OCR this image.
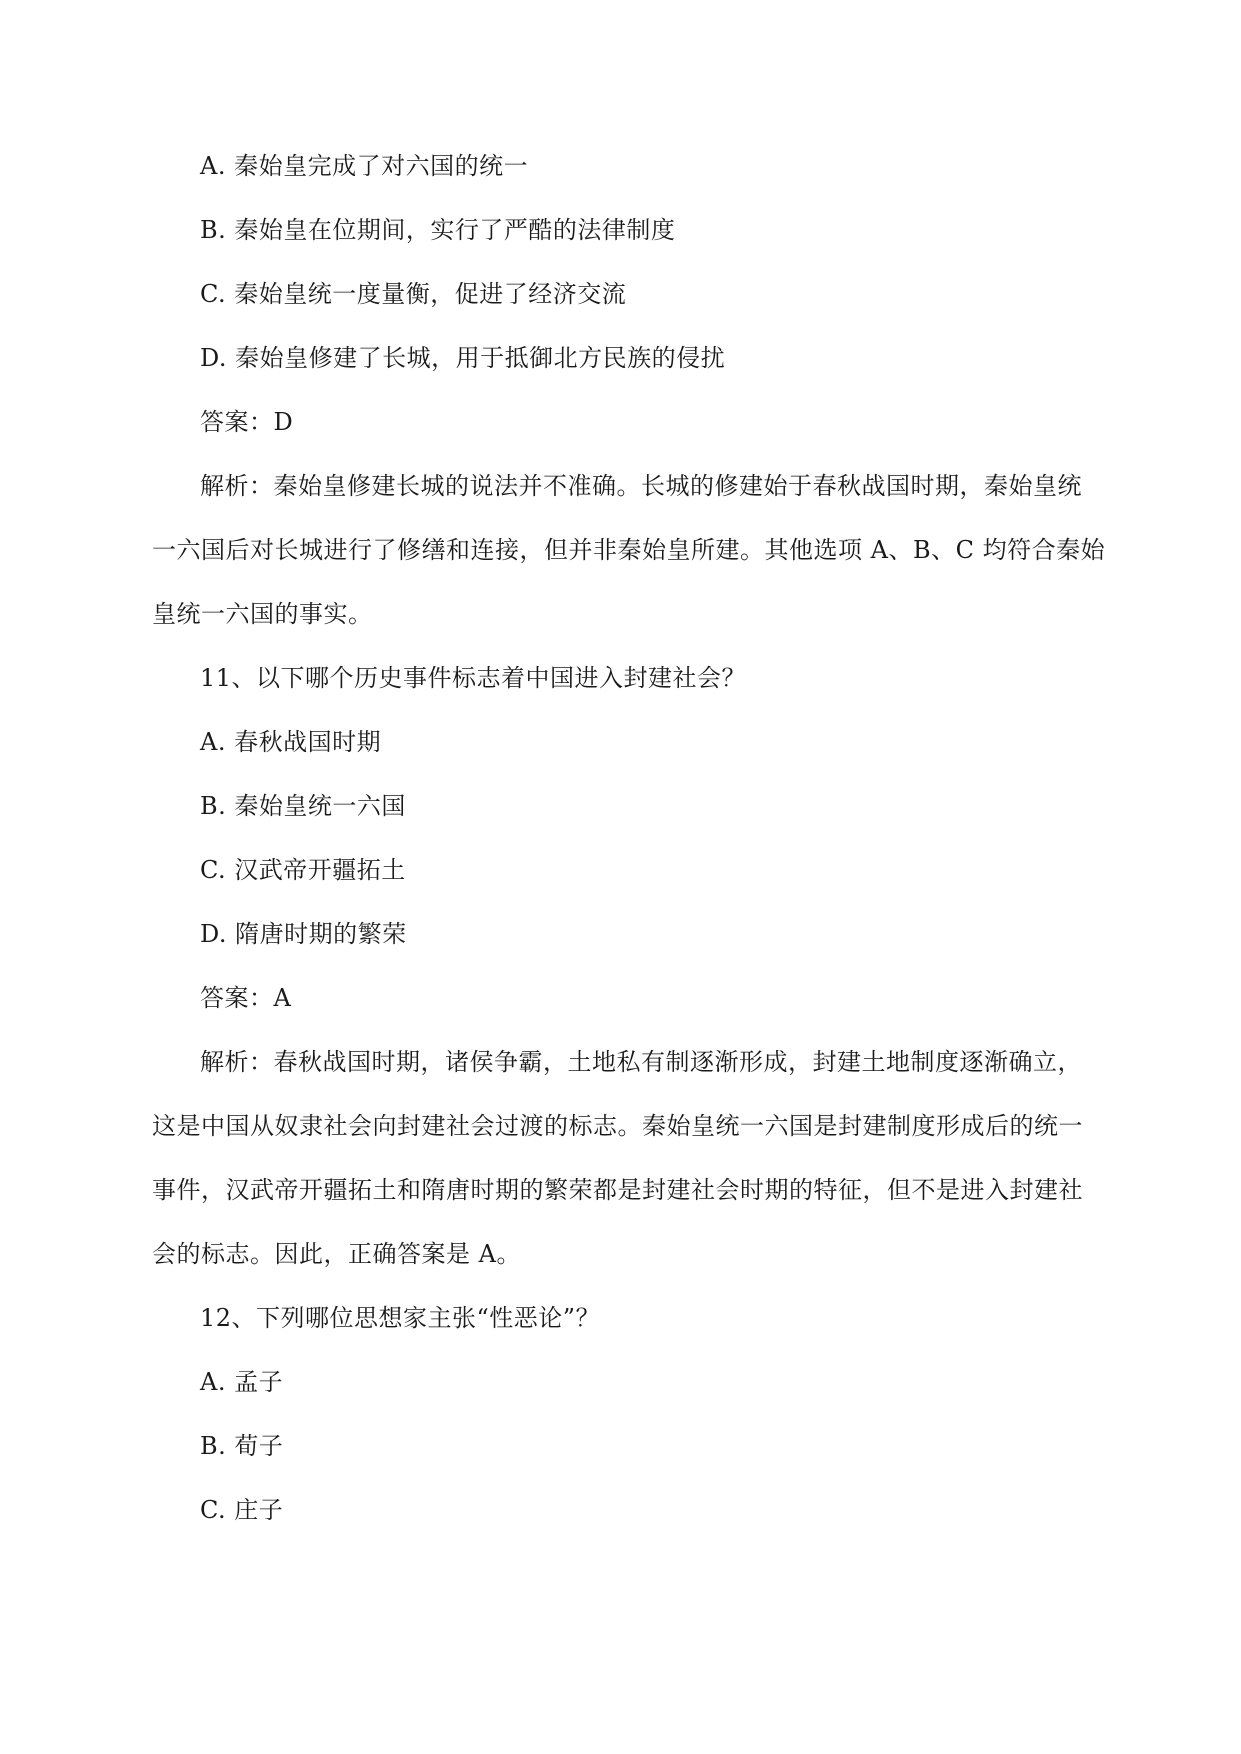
A. 秦始皇完成了对六国的统一
B. 秦始皇在位期间，实行了严酷的法律制度
C. 秦始皇统一度量衡，促进了经济交流
D. 秦始皇修建了长城，用于抵御北方民族的侵扰
答案：D
解析：秦始皇修建长城的说法并不准确。长城的修建始于春秋战国时期，秦始皇统
一六国后对长城进行了修缮和连接，但并非秦始皇所建。其他选项 A、B、C 均符合秦始
皇统一六国的事实。
11、以下哪个历史事件标志着中国进入封建社会？
A. 春秋战国时期
B. 秦始皇统一六国
C. 汉武帝开疆拓土
D. 隋唐时期的繁荣
答案：A
解析：春秋战国时期，诸侯争霸，土地私有制逐渐形成，封建土地制度逐渐确立，
这是中国从奴隶社会向封建社会过渡的标志。秦始皇统一六国是封建制度形成后的统一
事件，汉武帝开疆拓土和隋唐时期的繁荣都是封建社会时期的特征，但不是进入封建社
会的标志。因此，正确答案是 A。
12、下列哪位思想家主张“性恶论”？
A. 孟子
B. 荀子
C. 庄子
